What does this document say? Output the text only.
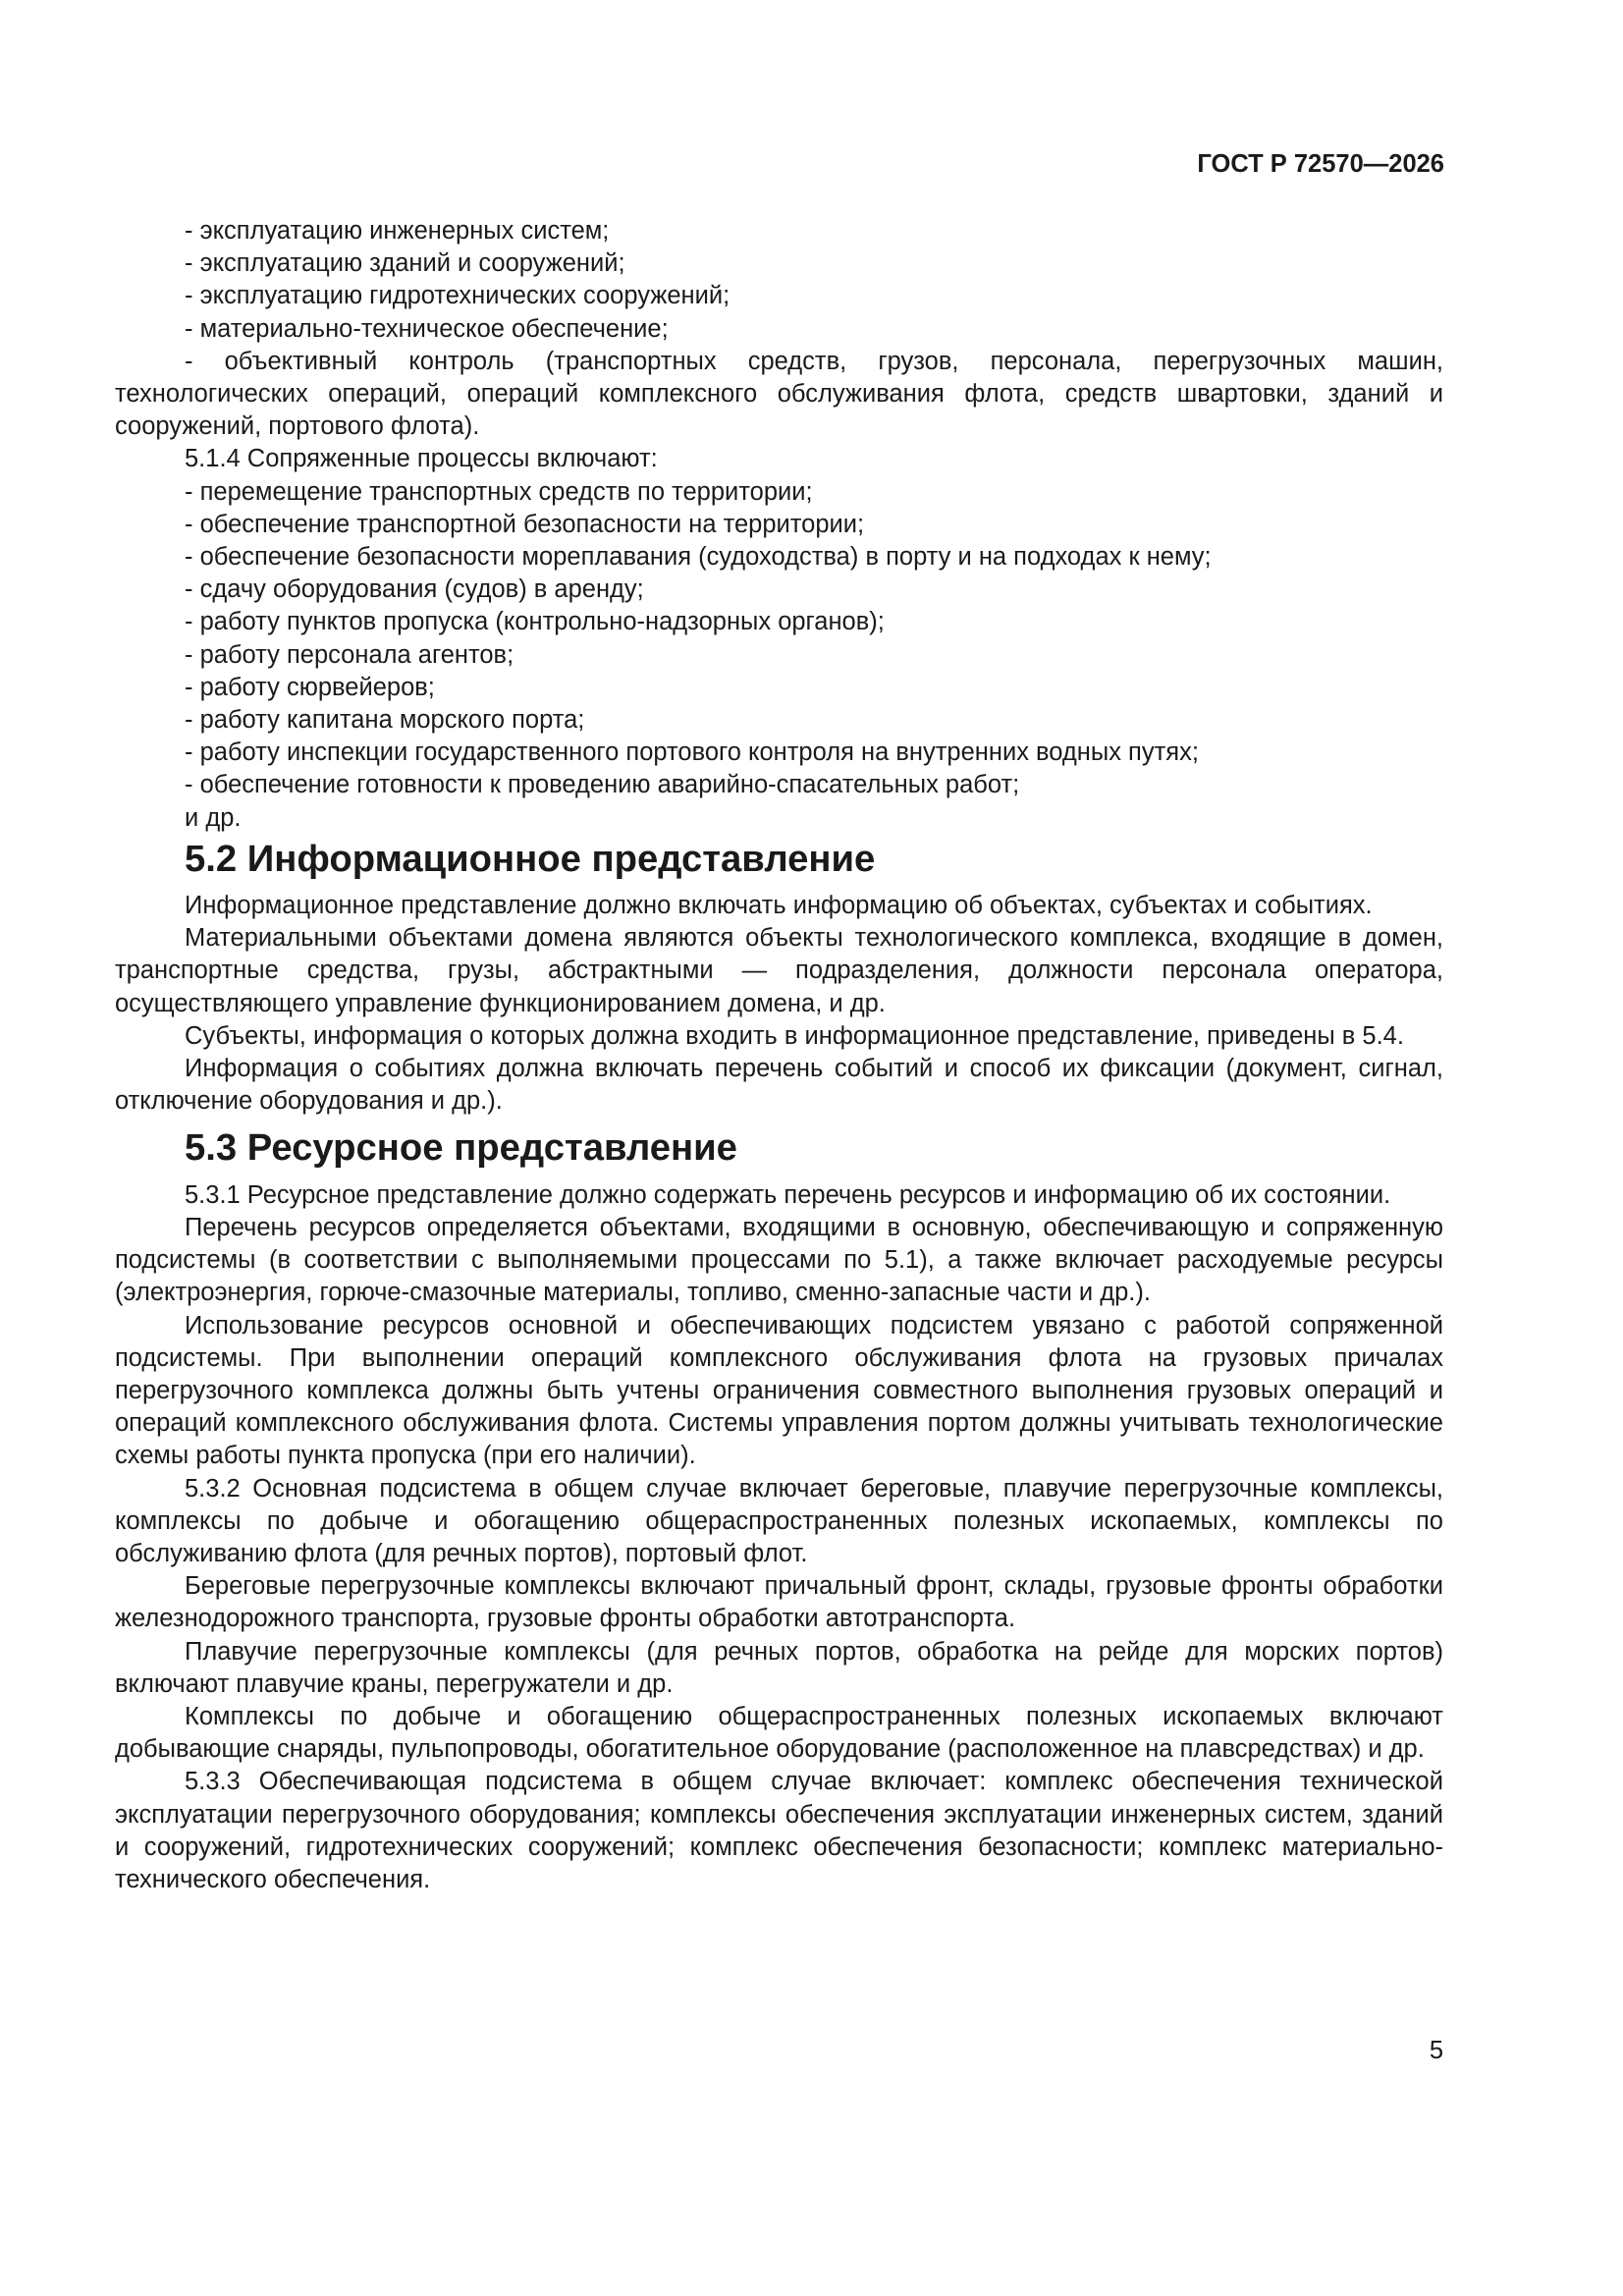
ГОСТ Р 72570—2026

- эксплуатацию инженерных систем;

- эксплуатацию зданий и сооружений;

- эксплуатацию гидротехнических сооружений;

- материально-техническое обеспечение;

- объективный контроль (транспортных средств, грузов, персонала, перегрузочных машин, технологических операций, операций комплексного обслуживания флота, средств швартовки, зданий и сооружений, портового флота).

5.1.4 Сопряженные процессы включают:

- перемещение транспортных средств по территории;

- обеспечение транспортной безопасности на территории;

- обеспечение безопасности мореплавания (судоходства) в порту и на подходах к нему;

- сдачу оборудования (судов) в аренду;

- работу пунктов пропуска (контрольно-надзорных органов);

- работу персонала агентов;

- работу сюрвейеров;

- работу капитана морского порта;

- работу инспекции государственного портового контроля на внутренних водных путях;

- обеспечение готовности к проведению аварийно-спасательных работ;

и др.

5.2 Информационное представление

Информационное представление должно включать информацию об объектах, субъектах и событиях.

Материальными объектами домена являются объекты технологического комплекса, входящие в домен, транспортные средства, грузы, абстрактными — подразделения, должности персонала оператора, осуществляющего управление функционированием домена, и др.

Субъекты, информация о которых должна входить в информационное представление, приведены в 5.4.

Информация о событиях должна включать перечень событий и способ их фиксации (документ, сигнал, отключение оборудования и др.).

5.3 Ресурсное представление

5.3.1 Ресурсное представление должно содержать перечень ресурсов и информацию об их состоянии.

Перечень ресурсов определяется объектами, входящими в основную, обеспечивающую и сопряженную подсистемы (в соответствии с выполняемыми процессами по 5.1), а также включает расходуемые ресурсы (электроэнергия, горюче-смазочные материалы, топливо, сменно-запасные части и др.).

Использование ресурсов основной и обеспечивающих подсистем увязано с работой сопряженной подсистемы. При выполнении операций комплексного обслуживания флота на грузовых причалах перегрузочного комплекса должны быть учтены ограничения совместного выполнения грузовых операций и операций комплексного обслуживания флота. Системы управления портом должны учитывать технологические схемы работы пункта пропуска (при его наличии).

5.3.2 Основная подсистема в общем случае включает береговые, плавучие перегрузочные комплексы, комплексы по добыче и обогащению общераспространенных полезных ископаемых, комплексы по обслуживанию флота (для речных портов), портовый флот.

Береговые перегрузочные комплексы включают причальный фронт, склады, грузовые фронты обработки железнодорожного транспорта, грузовые фронты обработки автотранспорта.

Плавучие перегрузочные комплексы (для речных портов, обработка на рейде для морских портов) включают плавучие краны, перегружатели и др.

Комплексы по добыче и обогащению общераспространенных полезных ископаемых включают добывающие снаряды, пульпопроводы, обогатительное оборудование (расположенное на плавсредствах) и др.

5.3.3 Обеспечивающая подсистема в общем случае включает: комплекс обеспечения технической эксплуатации перегрузочного оборудования; комплексы обеспечения эксплуатации инженерных систем, зданий и сооружений, гидротехнических сооружений; комплекс обеспечения безопасности; комплекс материально-технического обеспечения.

5
